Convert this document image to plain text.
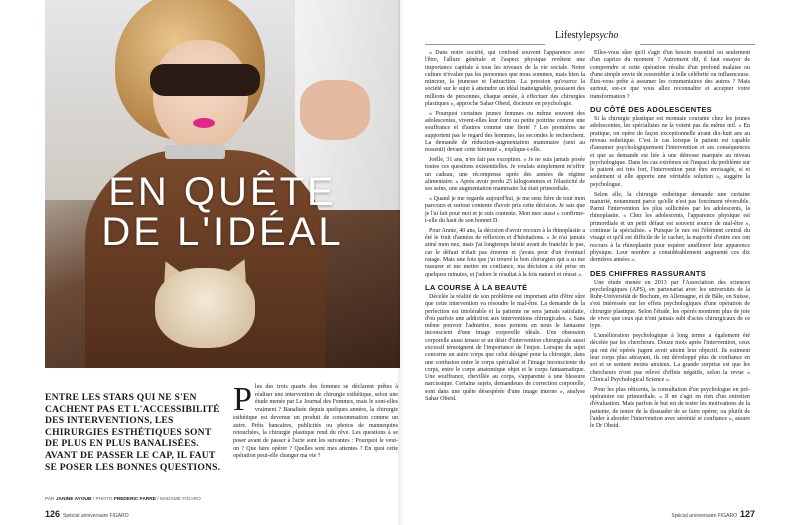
EN QUÊTE
DE L'IDÉAL
ENTRE LES STARS QUI NE S'EN CACHENT PAS ET L'ACCESSIBILITÉ DES INTERVENTIONS, LES CHIRURGIES ESTHÉTIQUES SONT DE PLUS EN PLUS BANALISÉES. AVANT DE PASSER LE CAP, IL FAUT SE POSER LES BONNES QUESTIONS.
Plus des trois quarts des femmes se déclarent prêtes à réaliser une intervention de chirurgie esthétique, selon une étude menée par Le Journal des Femmes, mais le sont-elles vraiment ? Banalisée depuis quelques années, la chirurgie esthétique est devenue un produit de consommation comme un autre. Prêts bancaires, publicités ou photos de mannequins retouchées, la chirurgie plastique rend du rêve. Les questions à se poser avant de passer à l'acte sont les suivantes : Pourquoi le veut-on ? Que faire opérer ? Quelles sont mes attentes ? En quoi cette opération peut-elle changer ma vie ?
PAR JANINE AYOUB / PHOTO FREDERIC FARRE / MADAME FIGARO
126 Spécial anniversaire FIGARO
Lifestylepsycho

« Dans notre société, qui confond souvent l'apparence avec l'être, l'allure générale et l'aspect physique revêtent une importance capitale à tous les niveaux de la vie sociale. Notre culture n'évalue pas les personnes que nous sommes, mais bien la minceur, la jeunesse et l'attraction. La pression qu'exerce la société sur le sujet à atteindre un idéal inatteignable, poussent des millions de personnes, chaque année, à effectuer des chirurgies plastiques », approche Sahar Obeid, docteure en psychologie.

« Pourquoi certaines jeunes femmes ou même souvent des adolescentes, vivent-elles leur forte ou petite poitrine comme une souffrance et d'autres comme une fierté ? Les premières ne supportent pas le regard des hommes, les secondes le recherchent. La demande de réduction-augmentation mammaire (seni au ressenti) devant cette féminité », explique-t-elle.

Joëlle, 31 ans, n'en fait pas exception. « Je ne suis jamais posée toutes ces questions existentielles. Je voulais simplement m'offrir un cadeau, une récompense après des années de régime alimentaire. » Après avoir perdu 25 kilogrammes et l'élasticité de ses seins, une augmentation mammaire lui était primordiale.

« Quand je me regarde aujourd'hui, je me sens fière de tout mon parcours et surtout contente d'avoir pris cette décision. Je sais que je l'ai fait pour moi et je suis contente. Mon mec aussi » confirme-t-elle du haut de son bonnet D.

Pour Annie, 40 ans, la décision d'avoir recours à la rhinoplastie a été le fruit d'années de réflexion et d'hésitations. « Je n'ai jamais aimé mon nez, mais j'ai longtemps hésité avant de franchir le pas, car le défaut n'était pas énorme et j'avais peur d'un éventuel ratage. Mais une fois que j'ai trouvé le bon chirurgien qui a su me rassurer et me mettre en confiance, ma décision a été prise en quelques minutes, et j'adore le résultat à la fois naturel et réussi ».

LA COURSE À LA BEAUTÉ

Décelée la réalité de son problème est important afin d'être sûre que cette intervention va résoudre le mal-être. La demande de la perfection est intolérable et la patiente ne sera jamais satisfaite, d'où parfois une addiction aux interventions chirurgicales. « Sans même pouvoir l'admettre, nous portons en nous le fantasme inconscient d'une image corporelle idéale. Une obsession corporelle aussi tenace et un désir d'intervention chirurgicale aussi excessif témoignent de l'importance de l'enjeu. Lorsque du sujet concerne un autre corps que celui désigné pour la chirurgie, dans une confusion entre le corps spécialisé et l'image inconsciente du corps, entre le corps anatomique objet et le corps fantasmatique. Une souffrance, chevillée au corps, s'apparente à une blessure narcissique. Certains sujets, demandeurs de correction corporelle, sont dans une quête désespérée d'une image interne », analyse Sahar Obeid.

Elles-vous sûre qu'il s'agit d'un besoin essentiel ou seulement d'un caprice du moment ? Autrement dit, il faut essayer de comprendre si cette opération résulte d'un profond malaise ou d'une simple envie de ressembler à telle célébrité ou influenceuse. Êtes-vous prête à assumer les commentaires des autres ? Mais surtout, est-ce que vous allez reconnaître et accepter votre transformation ?

DU CÔTÉ DES ADOLESCENTES

Si la chirurgie plastique est monnaie courante chez les jeunes adolescentes, les spécialistes ne la voient pas du même œil. « En pratique, on opère de façon exceptionnelle avant dix-huit ans au niveau esthétique. C'est le cas lorsque le patient est capable d'assumer psychologiquement l'intervention et ses conséquences et que sa demande est liée à une détresse marquée au niveau psychologique. Dans les cas extrêmes où l'impact du problème sur le patient est très fort, l'intervention peut être envisagée, si et seulement si elle apporte une véritable solution », suggère la psychologue.

Selon elle, la chirurgie esthétique demande une certaine maturité, notamment parce qu'elle n'est pas forcément réversible. Parmi l'intervention les plus sollicitées par les adolescents, la rhinoplastie. « Chez les adolescents, l'apparence physique est primordiale et un petit défaut est souvent source de mal-être », continue la spécialiste. « Puisque le nez est l'élément central du visage et qu'il est difficile de le cacher, la majorité d'entre eux ont recours à la rhinoplastie pour espérer améliorer leur apparence physique. Leur nombre a considérablement augmenté ces dix dernières années ».

DES CHIFFRES RASSURANTS

Une étude menée en 2013 par l'Association des sciences psychologiques (APS), en partenariat avec les universités de la Ruhr-Universität de Bochum, en Allemagne, et de Bâle, en Suisse, s'est intéressée sur les effets psychologiques d'une opération de chirurgie plastique. Selon l'étude, les opérés montrent plus de joie de vivre que ceux qui n'ont jamais subi d'actes chirurgicaux de ce type.

L'amélioration psychologique à long terme a également été décelée par les chercheurs. Douze mois après l'intervention, ceux qui ont été opérés jugent avoir atteint leur objectif. Ils estiment leur corps plus attrayant, ils ont développé plus de confiance en soi et se sentent moins anxieux. La grande surprise est que les chercheurs n'ont pas relevé d'effets négatifs, selon la revue « Clinical Psychological Science ».

Pour les plus réticents, la consultation d'un psychologue en pré-opératoire est primordiale. « Il ne s'agit en rien d'un entretien d'évaluation. Mais parfois le but est de tester les motivations de la patiente, de tenter de la dissuader de se faire opérer, ou plutôt de l'aider à aborder l'intervention avec sérénité et confiance », assure le Dr Obeid.

Spécial anniversaire FIGARO 127
